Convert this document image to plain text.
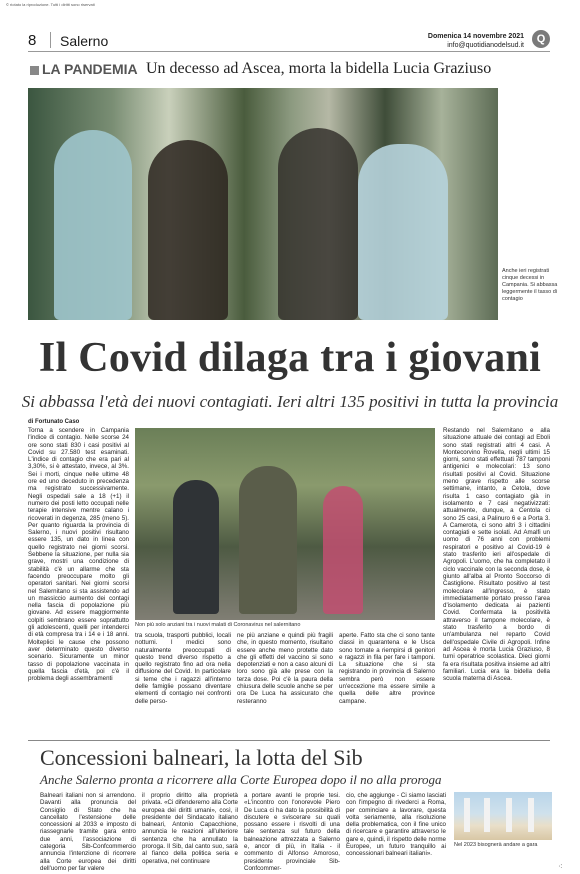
© riotato la riproduzione. Tutti i diritti sono riservati
8 Salerno	Domenica 14 novembre 2021
info@quotidianodelsud.it
Q
LA PANDEMIA Un decesso ad Ascea, morta la bidella Lucia Graziuso
Anche ieri registrati cinque decessi in Campania. Si abbassa leggermente il tasso di contagio
Il Covid dilaga tra i giovani
Si abbassa l'età dei nuovi contagiati. Ieri altri 135 positivi in tutta la provincia
di Fortunato Caso
Torna a scendere in Campania l'indice di contagio. Nelle scorse 24 ore sono stati 830 i casi positivi al Covid su 27.580 test esaminati. L'indice di contagio che era pari al 3,30%, si è attestato, invece, al 3%. Sei i morti, cinque nelle ultime 48 ore ed uno deceduto in precedenza ma registrato successivamente. Negli ospedali sale a 18 (+1) il numero dei posti letto occupati nelle terapie intensive mentre calano i ricoverati in degenza, 285 (meno 5). Per quanto riguarda la provincia di Salerno, i nuovi positivi risultano essere 135, un dato in linea con quello registrato nei giorni scorsi. Sebbene la situazione, per nulla sia grave, mostri una condizione di stabilità c'è un allarme che sta facendo preoccupare molto gli operatori sanitari. Nei giorni scorsi nel Salernitano si sta assistendo ad un massiccio aumento dei contagi nella fascia di popolazione più giovane. Ad essere maggiormente colpiti sembrano essere soprattutto gli adolescenti, quelli per intenderci di età compresa tra i 14 e i 18 anni. Molteplici le cause che possono aver determinato questo diverso scenario. Sicuramente un minor tasso di popolazione vaccinata in quella fascia d'età, poi c'è il problema degli assembramenti
Non più solo anziani tra i nuovi malati di Coronavirus nel salernitano
tra scuola, trasporti pubblici, locali notturni. I medici sono naturalmente preoccupati di questo trend diverso rispetto a quello registrato fino ad ora nella diffusione del Covid. In particolare si teme che i ragazzi all'interno delle famiglie possano diventare elementi di contagio nei confronti delle perso-
ne più anziane e quindi più fragili che, in questo momento, risultano essere anche meno protette dato che gli effetti del vaccino si sono depotenziati e non a caso alcuni di loro sono già alle prese con la terza dose. Poi c'è la paura della chiusura delle scuole anche se per ora De Luca ha assicurato che resteranno
aperte. Fatto sta che ci sono tante classi in quarantena e le Usca sono tornate a riempirsi di genitori e ragazzi in fila per fare i tamponi. La situazione che si sta registrando in provincia di Salerno sembra però non essere un'eccezione ma essere simile a quella delle altre province campane.
Restando nel Salernitano e alla situazione attuale dei contagi ad Eboli sono stati registrati altri 4 casi. A Montecorvino Rovella, negli ultimi 15 giorni, sono stati effettuati 787 tamponi antigenici e molecolari: 13 sono risultati positivi al Covid. Situazione meno grave rispetto alle scorse settimane, intanto, a Cetola, dove risulta 1 caso contagiato già in isolamento e 7 casi negativizzati: attualmente, dunque, a Centola ci sono 25 casi, a Palinuro 6 e a Porta 3. A Camerota, ci sono altri 3 i cittadini contagiati e sette isolati. Ad Amalfi un uomo di 76 anni con problemi respiratori e positivo al Covid-19 è stato trasferito ieri all'ospedale di Agropoli. L'uomo, che ha completato il ciclo vaccinale con la seconda dose, è giunto all'alba al Pronto Soccorso di Castiglione. Risultato positivo al test molecolare all'ingresso, è stato immediatamente portato presso l'area d'isolamento dedicata ai pazienti Covid. Confermata la positività attraverso il tampone molecolare, è stato trasferito a bordo di un'ambulanza nel reparto Covid dell'ospedale Civile di Agropoli. Infine ad Ascea è morta Lucia Graziuso, 8 tumi operatrice scolastica. Dieci giorni fa era risultata positiva insieme ad altri familiari. Lucia era la bidella della scuola materna di Ascea.
Concessioni balneari, la lotta del Sib
Anche Salerno pronta a ricorrere alla Corte Europea dopo il no alla proroga
Balneari italiani non si arrendono. Davanti alla pronuncia del Consiglio di Stato che ha cancellato l'estensione delle concessioni al 2033 e imposto di riassegnarle tramite gara entro due anni, l'associazione di categoria Sib-Confcommercio annuncia l'intenzione di ricorrere alla Corte europea dei diritti dell'uomo per far valere
il proprio diritto alla proprietà privata. «Ci difenderemo alla Corte europea dei diritti umani», così, il presidente del Sindacato italiano balneari, Antonio Capacchione, annuncia le reazioni all'ulteriore sentenza che ha annullato la proroga. Il Sib, dal canto suo, sarà al fianco della politica seria e operativa, nel continuare
a portare avanti le proprie tesi. «L'incontro con l'onorevole Piero De Luca ci ha dato la possibilità di discutere e sviscerare su quali possano essere i risvolti di una tale sentenza sul futuro della balneazione attrezzata a Salerno e, ancor di più, in Italia - il commento di Alfonso Amoroso, presidente provinciale Sib-Confcommer-
cio, che aggiunge - Ci siamo lasciati con l'impegno di rivederci a Roma, per cominciare a lavorare, questa volta seriamente, alla risoluzione della problematica, con il fine unico di ricercare e garantire attraverso le gare e, quindi, il rispetto delle norme Europee, un futuro tranquillo ai concessionari balneari italiani».
Nel 2023 bisognerà andare a gara
⁖
